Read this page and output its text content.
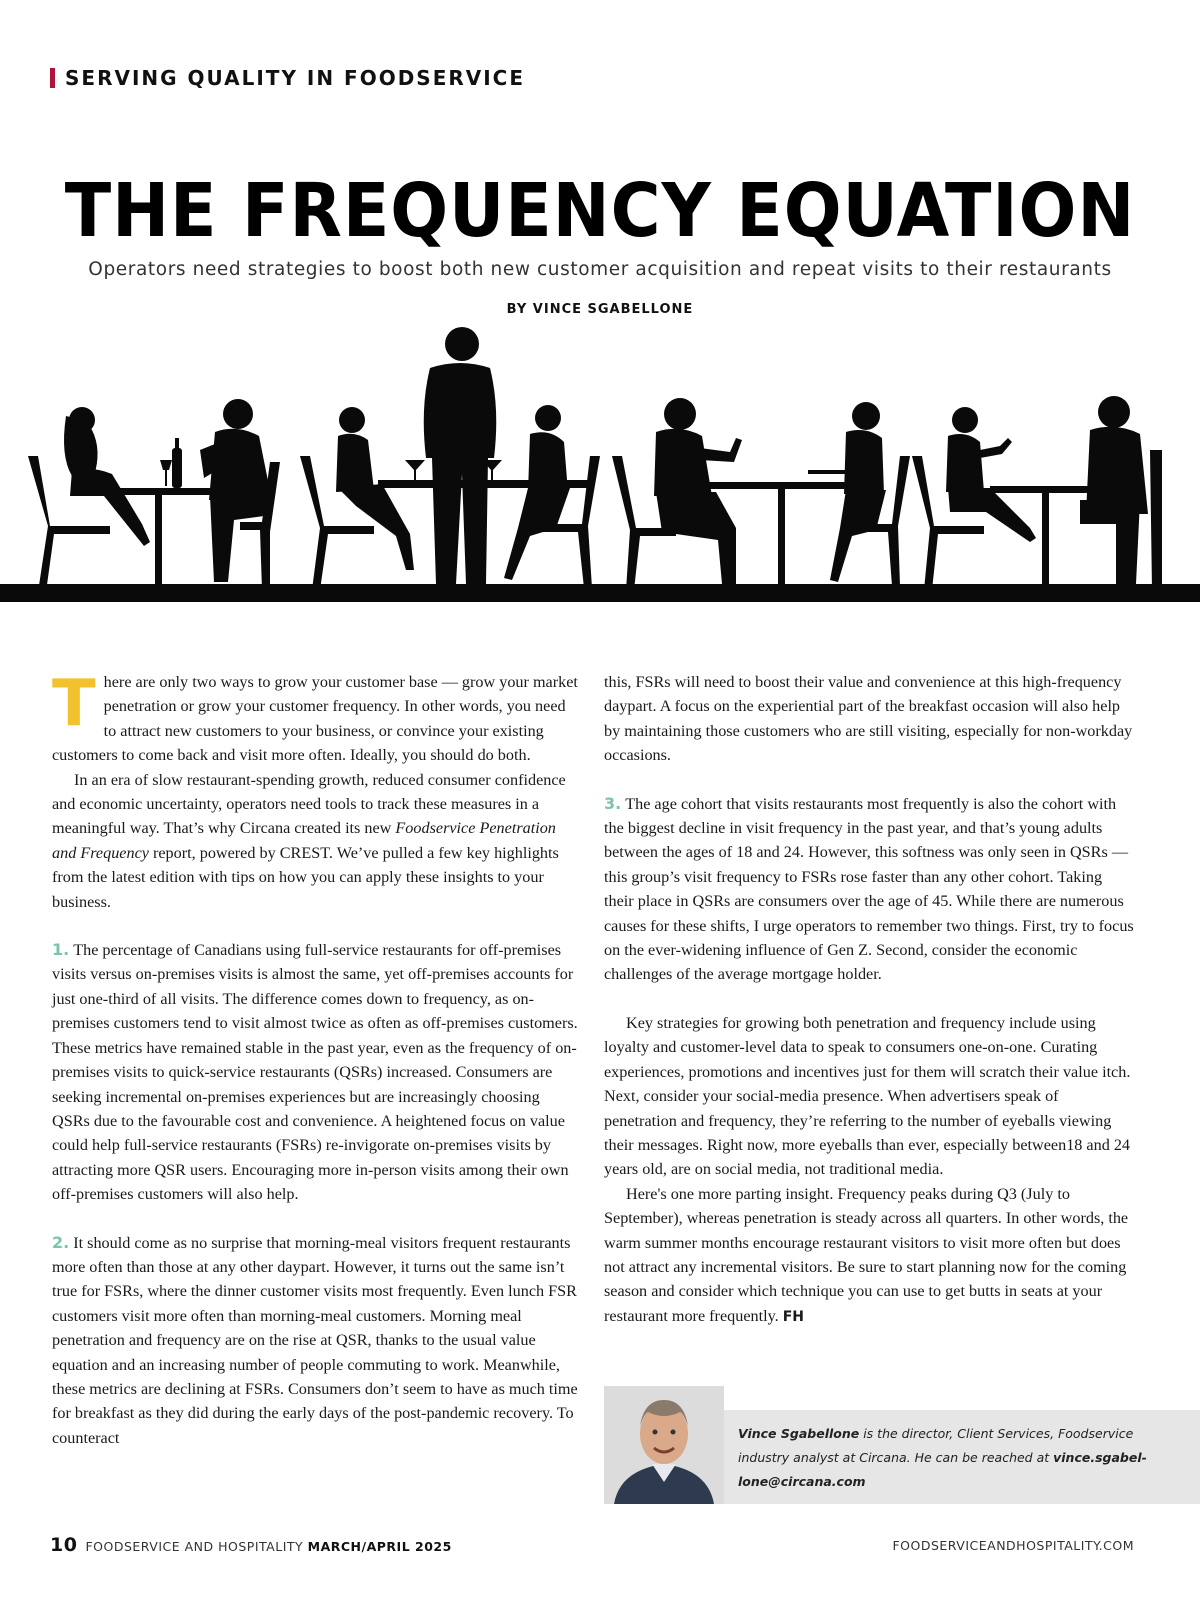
SERVING QUALITY IN FOODSERVICE
THE FREQUENCY EQUATION
Operators need strategies to boost both new customer acquisition and repeat visits to their restaurants
BY VINCE SGABELLONE

There are only two ways to grow your customer base — grow your market penetration or grow your customer frequency. In other words, you need to attract new customers to your business, or convince your existing customers to come back and visit more often. Ideally, you should do both.

In an era of slow restaurant-spending growth, reduced consumer confidence and economic uncertainty, operators need tools to track these measures in a meaningful way. That’s why Circana created its new Foodservice Penetration and Frequency report, powered by CREST. We’ve pulled a few key highlights from the latest edition with tips on how you can apply these insights to your business.

1. The percentage of Canadians using full-service restaurants for off-premises visits versus on-premises visits is almost the same, yet off-premises accounts for just one-third of all visits. The difference comes down to frequency, as on-premises customers tend to visit almost twice as often as off-premises customers. These metrics have remained stable in the past year, even as the frequency of on-premises visits to quick-service restaurants (QSRs) increased. Consumers are seeking incremental on-premises experiences but are increasingly choosing QSRs due to the favourable cost and convenience. A heightened focus on value could help full-service restaurants (FSRs) re-invigorate on-premises visits by attracting more QSR users. Encouraging more in-person visits among their own off-premises customers will also help.

2. It should come as no surprise that morning-meal visitors frequent restaurants more often than those at any other daypart. However, it turns out the same isn’t true for FSRs, where the dinner customer visits most frequently. Even lunch FSR customers visit more often than morning-meal customers. Morning meal penetration and frequency are on the rise at QSR, thanks to the usual value equation and an increasing number of people commuting to work. Meanwhile, these metrics are declining at FSRs. Consumers don’t seem to have as much time for breakfast as they did during the early days of the post-pandemic recovery. To counteract

this, FSRs will need to boost their value and convenience at this high-frequency daypart. A focus on the experiential part of the breakfast occasion will also help by maintaining those customers who are still visiting, especially for non-workday occasions.

3. The age cohort that visits restaurants most frequently is also the cohort with the biggest decline in visit frequency in the past year, and that’s young adults between the ages of 18 and 24. However, this softness was only seen in QSRs — this group’s visit frequency to FSRs rose faster than any other cohort. Taking their place in QSRs are consumers over the age of 45. While there are numerous causes for these shifts, I urge operators to remember two things. First, try to focus on the ever-widening influence of Gen Z. Second, consider the economic challenges of the average mortgage holder.

Key strategies for growing both penetration and frequency include using loyalty and customer-level data to speak to consumers one-on-one. Curating experiences, promotions and incentives just for them will scratch their value itch. Next, consider your social-media presence. When advertisers speak of penetration and frequency, they’re referring to the number of eyeballs viewing their messages. Right now, more eyeballs than ever, especially between18 and 24 years old, are on social media, not traditional media.

Here's one more parting insight. Frequency peaks during Q3 (July to September), whereas penetration is steady across all quarters. In other words, the warm summer months encourage restaurant visitors to visit more often but does not attract any incremental visitors. Be sure to start planning now for the coming season and consider which technique you can use to get butts in seats at your restaurant more frequently. FH

Vince Sgabellone is the director, Client Services, Foodservice industry analyst at Circana. He can be reached at vince.sgabel-lone@circana.com
10 FOODSERVICE AND HOSPITALITY MARCH/APRIL 2025	FOODSERVICEANDHOSPITALITY.COM
